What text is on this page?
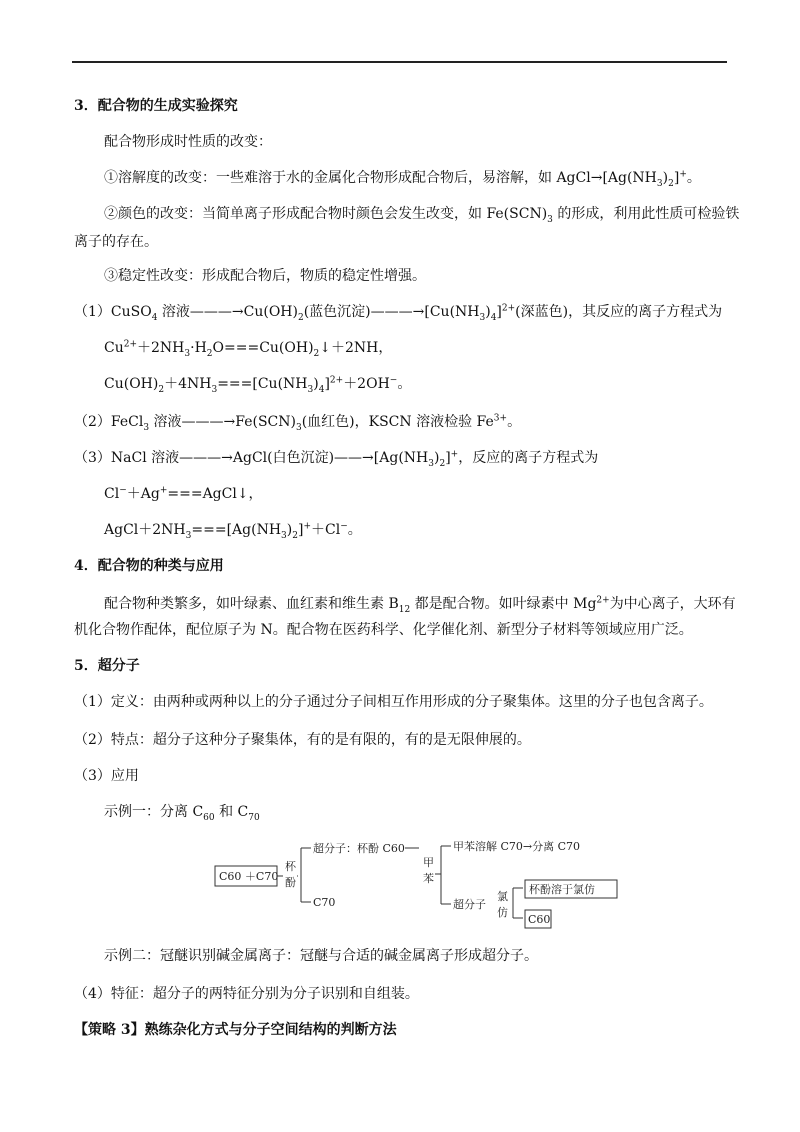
3．配合物的生成实验探究
配合物形成时性质的改变：
①溶解度的改变：一些难溶于水的金属化合物形成配合物后，易溶解，如 $AgCl\to[Ag(NH_3)_2]^+$。
②颜色的改变：当简单离子形成配合物时颜色会发生改变，如 $Fe(SCN)_3$ 的形成，利用此性质可检验铁
离子的存在。
③稳定性改变：形成配合物后，物质的稳定性增强。
（1）CuSO$_4$ 溶液$———\to Cu(OH)_2$(蓝色沉淀)$———\to[Cu(NH_3)_4]^{2+}$(深蓝色)，其反应的离子方程式为
$Cu^{2+}+2NH_3\cdot H_2O===Cu(OH)_2↓+2NH$，
$Cu(OH)_2+4NH_3===[Cu(NH_3)_4]^{2+}+2OH^-$。
（2）FeCl$_3$ 溶液$———\to Fe(SCN)_3$(血红色)，KSCN 溶液检验 $Fe^{3+}$。
（3）NaCl 溶液———→AgCl(白色沉淀)$——\to[Ag(NH_3)_2]^+$，反应的离子方程式为
Cl−＋Ag+===AgCl↓，
$AgCl+2NH_3===[Ag(NH_3)_2]^++Cl^-$。
4．配合物的种类与应用
配合物种类繁多，如叶绿素、血红素和维生素 $B_{12}$ 都是配合物。如叶绿素中 $Mg^{2+}$为中心离子，大环有
机化合物作配体，配位原子为 N。配合物在医药科学、化学催化剂、新型分子材料等领域应用广泛。
5．超分子
（1）定义：由两种或两种以上的分子通过分子间相互作用形成的分子聚集体。这里的分子也包含离子。
（2）特点：超分子这种分子聚集体，有的是有限的，有的是无限伸展的。
（3）应用
示例一：分离 $C_{60}$ 和 $C_{70}$
C60 ＋C70
杯
酚
超分子：杯酚 C60
C70
甲
苯
甲苯溶解 C70→分离 C70
超分子
氯
仿
杯酚溶于氯仿
C60
示例二：冠醚识别碱金属离子：冠醚与合适的碱金属离子形成超分子。
（4）特征：超分子的两特征分别为分子识别和自组装。
【策略 3】熟练杂化方式与分子空间结构的判断方法
